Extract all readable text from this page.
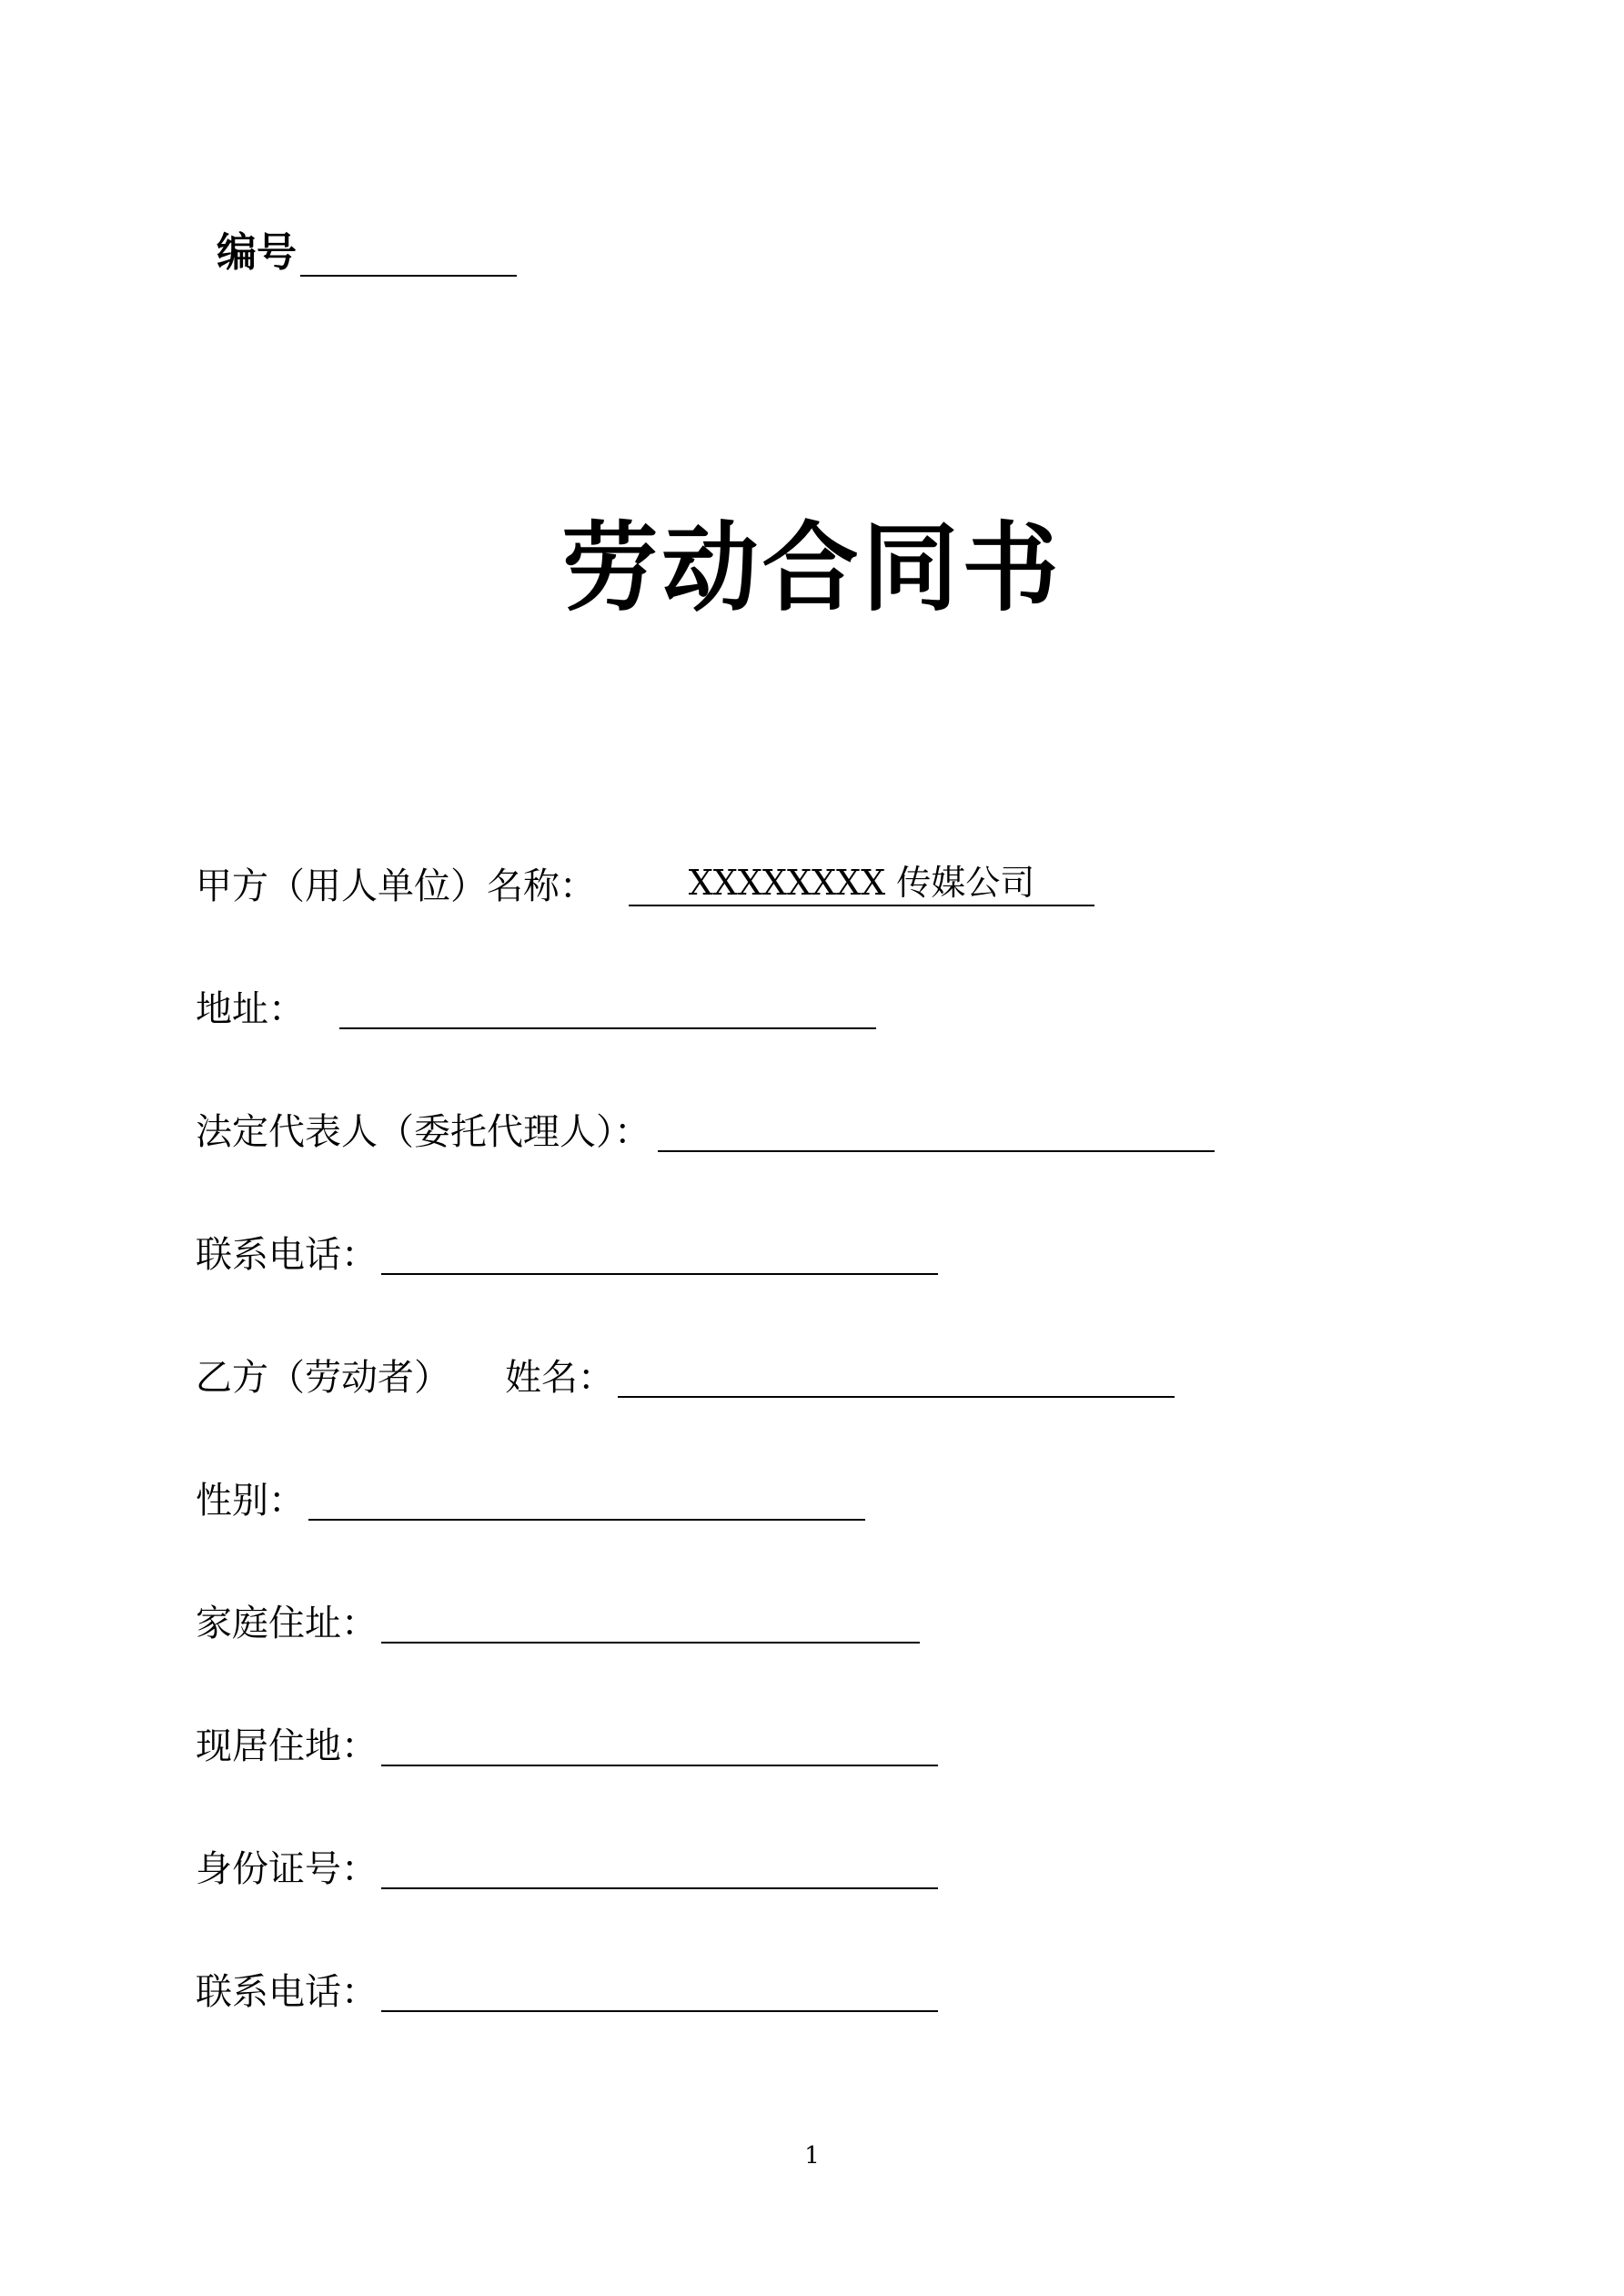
编号
劳动合同书
甲方（用人单位）名称：	XXXXXXXX 传媒公司
地址：
法定代表人（委托代理人）：
联系电话：
乙方（劳动者）　　姓名：
性别：
家庭住址：
现居住地：
身份证号：
联系电话：
1
